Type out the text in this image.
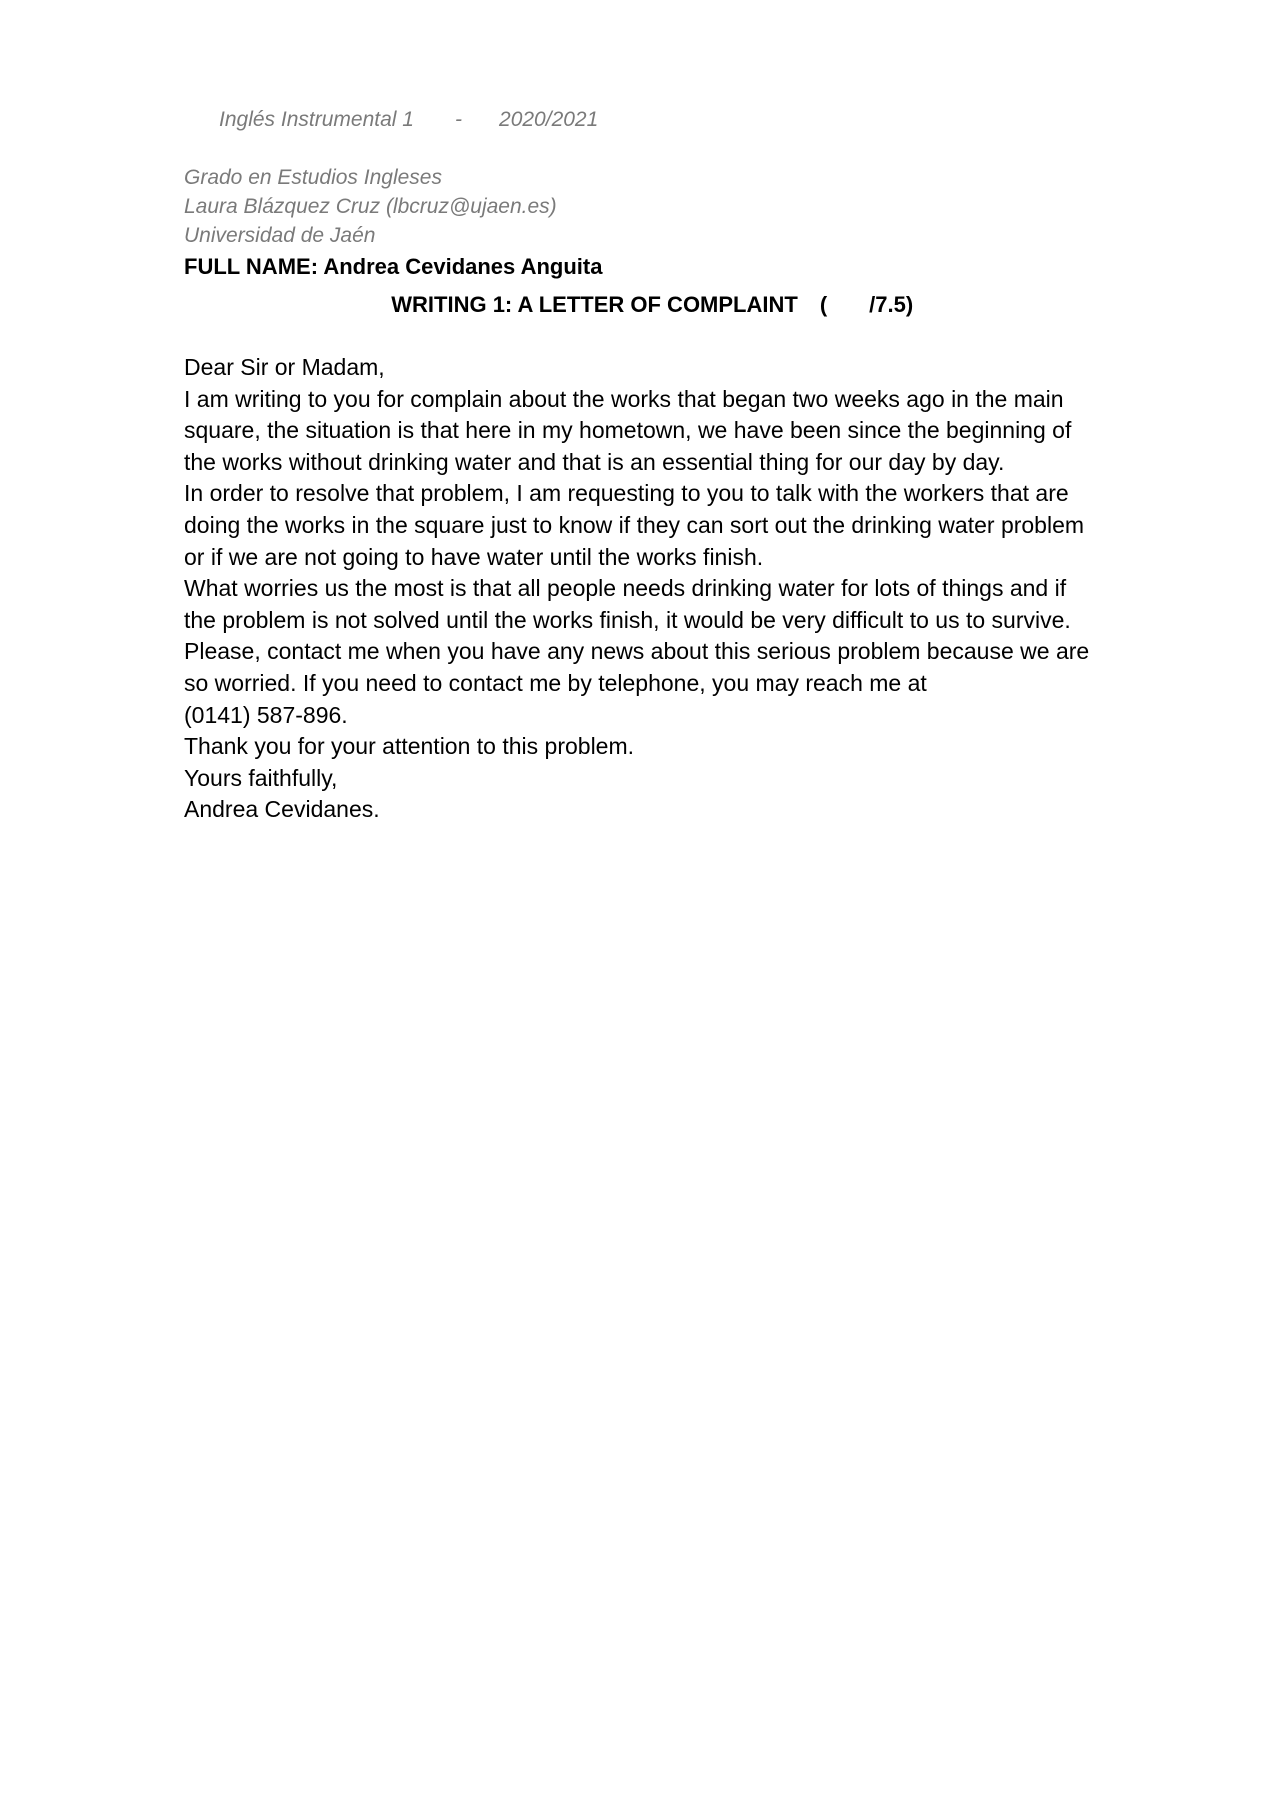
Inglés Instrumental 1 - 2020/2021

Grado en Estudios Ingleses
Laura Blázquez Cruz (lbcruz@ujaen.es)
Universidad de Jaén
FULL NAME: Andrea Cevidanes Anguita

WRITING 1: A LETTER OF COMPLAINT ( /7.5)

Dear Sir or Madam,

I am writing to you for complain about the works that began two weeks ago in the main square, the situation is that here in my hometown, we have been since the beginning of the works without drinking water and that is an essential thing for our day by day.

In order to resolve that problem, I am requesting to you to talk with the workers that are doing the works in the square just to know if they can sort out the drinking water problem or if we are not going to have water until the works finish.

What worries us the most is that all people needs drinking water for lots of things and if the problem is not solved until the works finish, it would be very difficult to us to survive.

Please, contact me when you have any news about this serious problem because we are so worried. If you need to contact me by telephone, you may reach me at

(0141) 587-896.

Thank you for your attention to this problem.

Yours faithfully,

Andrea Cevidanes.
